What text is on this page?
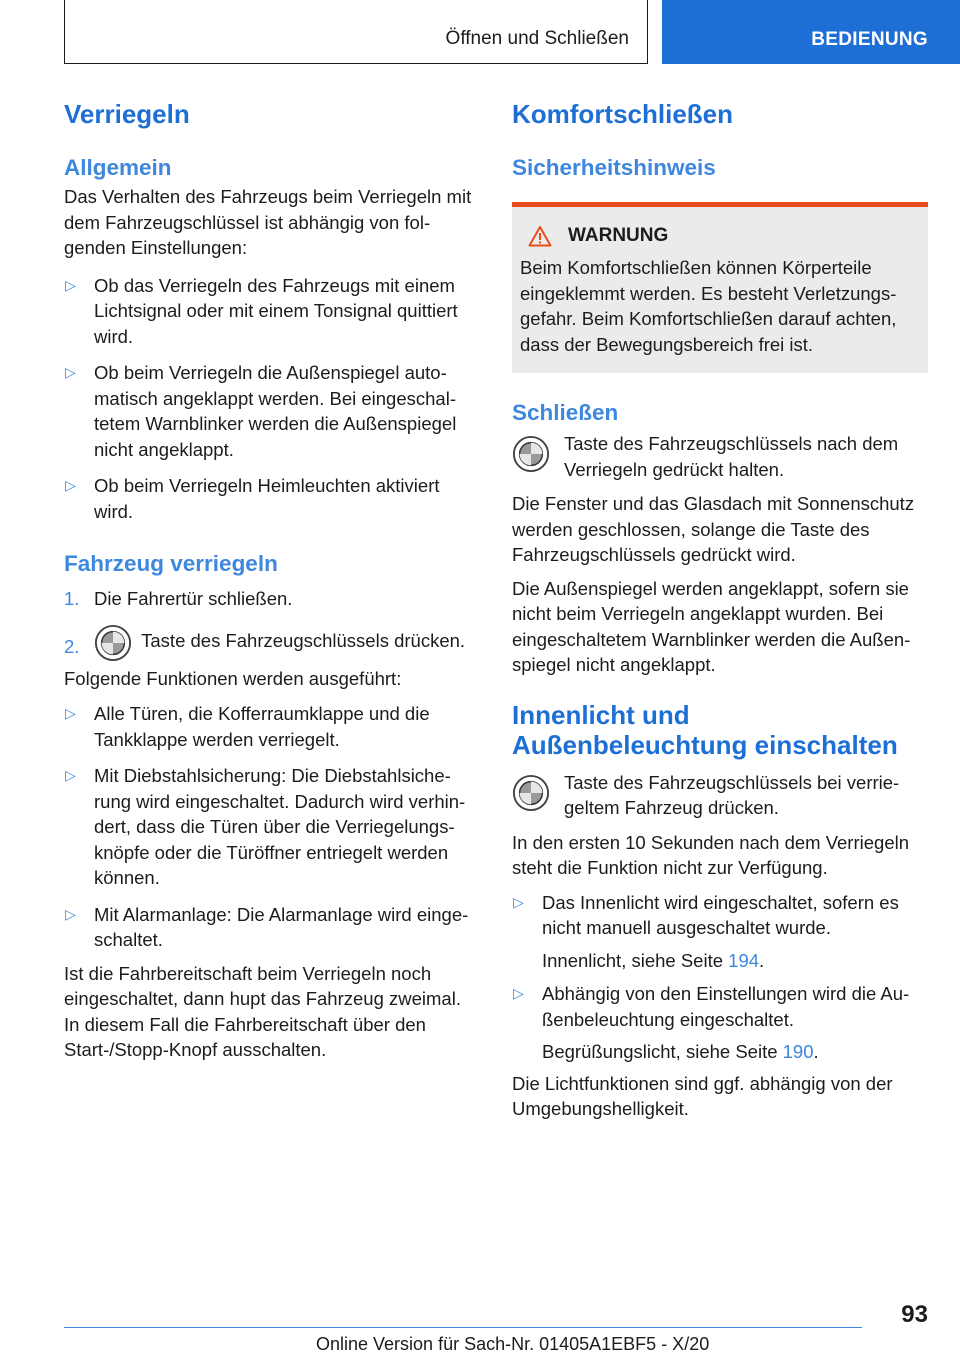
Öffnen und Schließen	BEDIENUNG
Verriegeln
Allgemein

Das Verhalten des Fahrzeugs beim Verriegeln mit dem Fahrzeugschlüssel ist abhängig von folgenden Einstellungen:

▷ Ob das Verriegeln des Fahrzeugs mit einem Lichtsignal oder mit einem Tonsignal quittiert wird.
▷ Ob beim Verriegeln die Außenspiegel automatisch angeklappt werden. Bei eingeschaltetem Warnblinker werden die Außenspiegel nicht angeklappt.
▷ Ob beim Verriegeln Heimleuchten aktiviert wird.
Fahrzeug verriegeln
1. Die Fahrertür schließen.
2.	Taste des Fahrzeugschlüssels drücken.

Folgende Funktionen werden ausgeführt:

▷ Alle Türen, die Kofferraumklappe und die Tankklappe werden verriegelt.
▷ Mit Diebstahlsicherung: Die Diebstahlsicherung wird eingeschaltet. Dadurch wird verhindert, dass die Türen über die Verriegelungsknöpfe oder die Türöffner entriegelt werden können.
▷ Mit Alarmanlage: Die Alarmanlage wird eingeschaltet.

Ist die Fahrbereitschaft beim Verriegeln noch eingeschaltet, dann hupt das Fahrzeug zweimal. In diesem Fall die Fahrbereitschaft über den Start-/Stopp-Knopf ausschalten.

Komfortschließen
Sicherheitshinweis
WARNUNG

Beim Komfortschließen können Körperteile eingeklemmt werden. Es besteht Verletzungsgefahr. Beim Komfortschließen darauf achten, dass der Bewegungsbereich frei ist.

Schließen
Taste des Fahrzeugschlüssels nach dem Verriegeln gedrückt halten.

Die Fenster und das Glasdach mit Sonnenschutz werden geschlossen, solange die Taste des Fahrzeugschlüssels gedrückt wird.

Die Außenspiegel werden angeklappt, sofern sie nicht beim Verriegeln angeklappt wurden. Bei eingeschaltetem Warnblinker werden die Außenspiegel nicht angeklappt.

Innenlicht und
Außenbeleuchtung einschalten
Taste des Fahrzeugschlüssels bei verriegeltem Fahrzeug drücken.

In den ersten 10 Sekunden nach dem Verriegeln steht die Funktion nicht zur Verfügung.

▷ Das Innenlicht wird eingeschaltet, sofern es nicht manuell ausgeschaltet wurde.
Innenlicht, siehe Seite 194.
▷ Abhängig von den Einstellungen wird die Außenbeleuchtung eingeschaltet.
Begrüßungslicht, siehe Seite 190.

Die Lichtfunktionen sind ggf. abhängig von der Umgebungshelligkeit.

93
Online Version für Sach-Nr. 01405A1EBF5 - X/20
